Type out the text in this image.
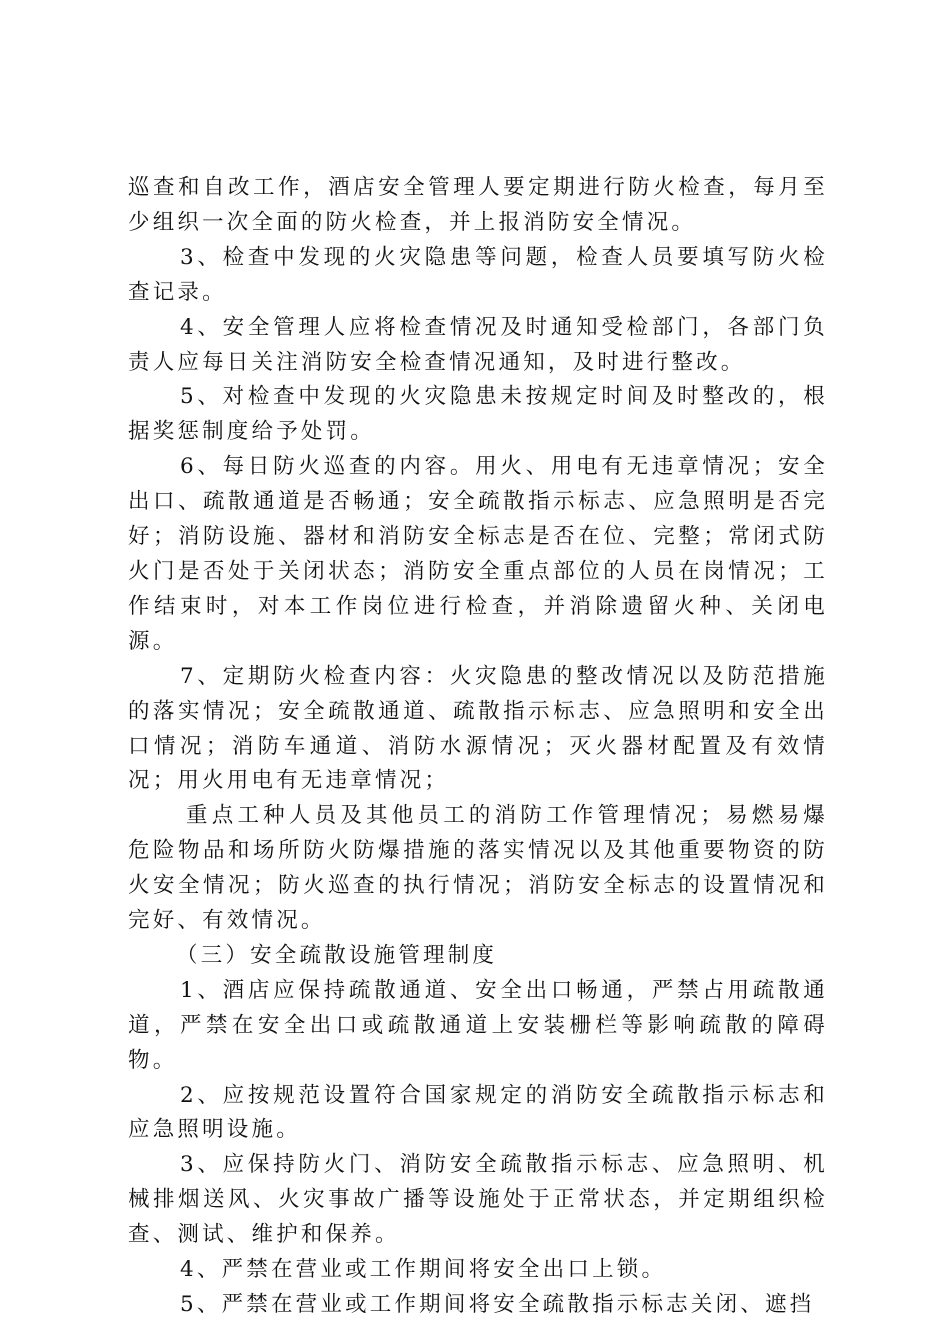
巡查和自改工作，酒店安全管理人要定期进行防火检查，每月至少组织一次全面的防火检查，并上报消防安全情况。

3、检查中发现的火灾隐患等问题，检查人员要填写防火检查记录。

4、安全管理人应将检查情况及时通知受检部门，各部门负责人应每日关注消防安全检查情况通知，及时进行整改。

5、对检查中发现的火灾隐患未按规定时间及时整改的，根据奖惩制度给予处罚。

6、每日防火巡查的内容。用火、用电有无违章情况；安全出口、疏散通道是否畅通；安全疏散指示标志、应急照明是否完好；消防设施、器材和消防安全标志是否在位、完整；常闭式防火门是否处于关闭状态；消防安全重点部位的人员在岗情况；工作结束时，对本工作岗位进行检查，并消除遗留火种、关闭电源。

7、定期防火检查内容：火灾隐患的整改情况以及防范措施的落实情况；安全疏散通道、疏散指示标志、应急照明和安全出口情况；消防车通道、消防水源情况；灭火器材配置及有效情况；用火用电有无违章情况；

重点工种人员及其他员工的消防工作管理情况；易燃易爆危险物品和场所防火防爆措施的落实情况以及其他重要物资的防火安全情况；防火巡查的执行情况；消防安全标志的设置情况和完好、有效情况。

（三）安全疏散设施管理制度

1、酒店应保持疏散通道、安全出口畅通，严禁占用疏散通道，严禁在安全出口或疏散通道上安装栅栏等影响疏散的障碍物。

2、应按规范设置符合国家规定的消防安全疏散指示标志和应急照明设施。

3、应保持防火门、消防安全疏散指示标志、应急照明、机械排烟送风、火灾事故广播等设施处于正常状态，并定期组织检查、测试、维护和保养。

4、严禁在营业或工作期间将安全出口上锁。

5、严禁在营业或工作期间将安全疏散指示标志关闭、遮挡
